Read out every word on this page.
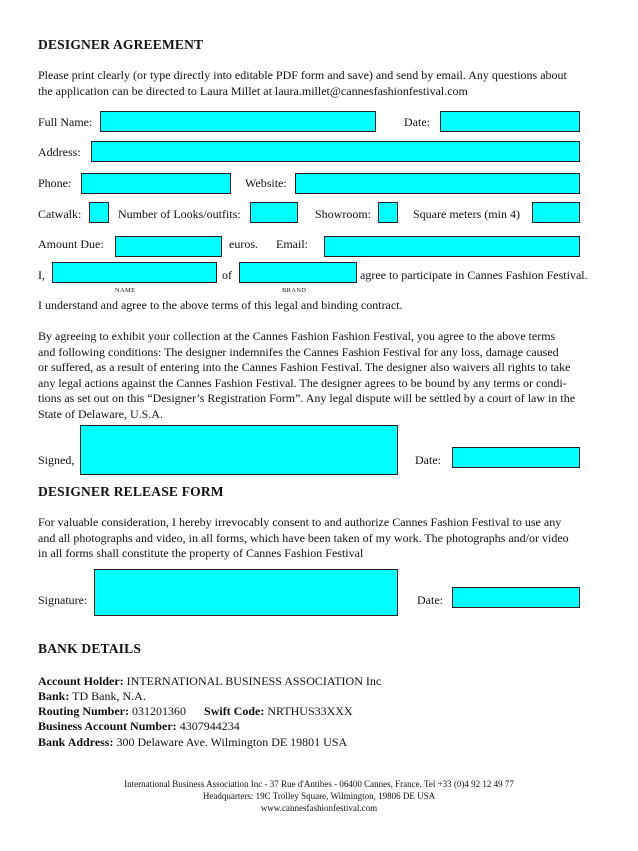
DESIGNER AGREEMENT
Please print clearly (or type directly into editable PDF form and save) and send by email. Any questions about
the application can be directed to Laura Millet at laura.millet@cannesfashionfestival.com
Full Name:	Date:
Address:
Phone:	Website:
Catwalk:	Number of Looks/outfits:	Showroom:	Square meters (min 4)
Amount Due:	euros. Email:
I,	of	agree to participate in Cannes Fashion Festival.
NAME	BRAND
I understand and agree to the above terms of this legal and binding contract.
By agreeing to exhibit your collection at the Cannes Fashion Fashion Festival, you agree to the above terms
and following conditions: The designer indemnifes the Cannes Fashion Festival for any loss, damage caused
or suffered, as a result of entering into the Cannes Fashion Festival. The designer also waivers all rights to take
any legal actions against the Cannes Fashion Festival. The designer agrees to be bound by any terms or condi-
tions as set out on this “Designer’s Registration Form”. Any legal dispute will be settled by a court of law in the
State of Delaware, U.S.A.
Signed,	Date:
DESIGNER RELEASE FORM
For valuable consideration, I hereby irrevocably consent to and authorize Cannes Fashion Festival to use any
and all photographs and video, in all forms, which have been taken of my work. The photographs and/or video
in all forms shall constitute the property of Cannes Fashion Festival
Signature:	Date:
BANK DETAILS
Account Holder: INTERNATIONAL BUSINESS ASSOCIATION Inc
Bank: TD Bank, N.A.
Routing Number: 031201360 Swift Code: NRTHUS33XXX
Business Account Number: 4307944234
Bank Address: 300 Delaware Ave. Wilmington DE 19801 USA
International Business Association Inc - 37 Rue d'Antibes - 06400 Cannes, France. Tel +33 (0)4 92 12 49 77
Headquarters: 19C Trolley Square, Wilmington, 19806 DE USA
www.cannesfashionfestival.com
